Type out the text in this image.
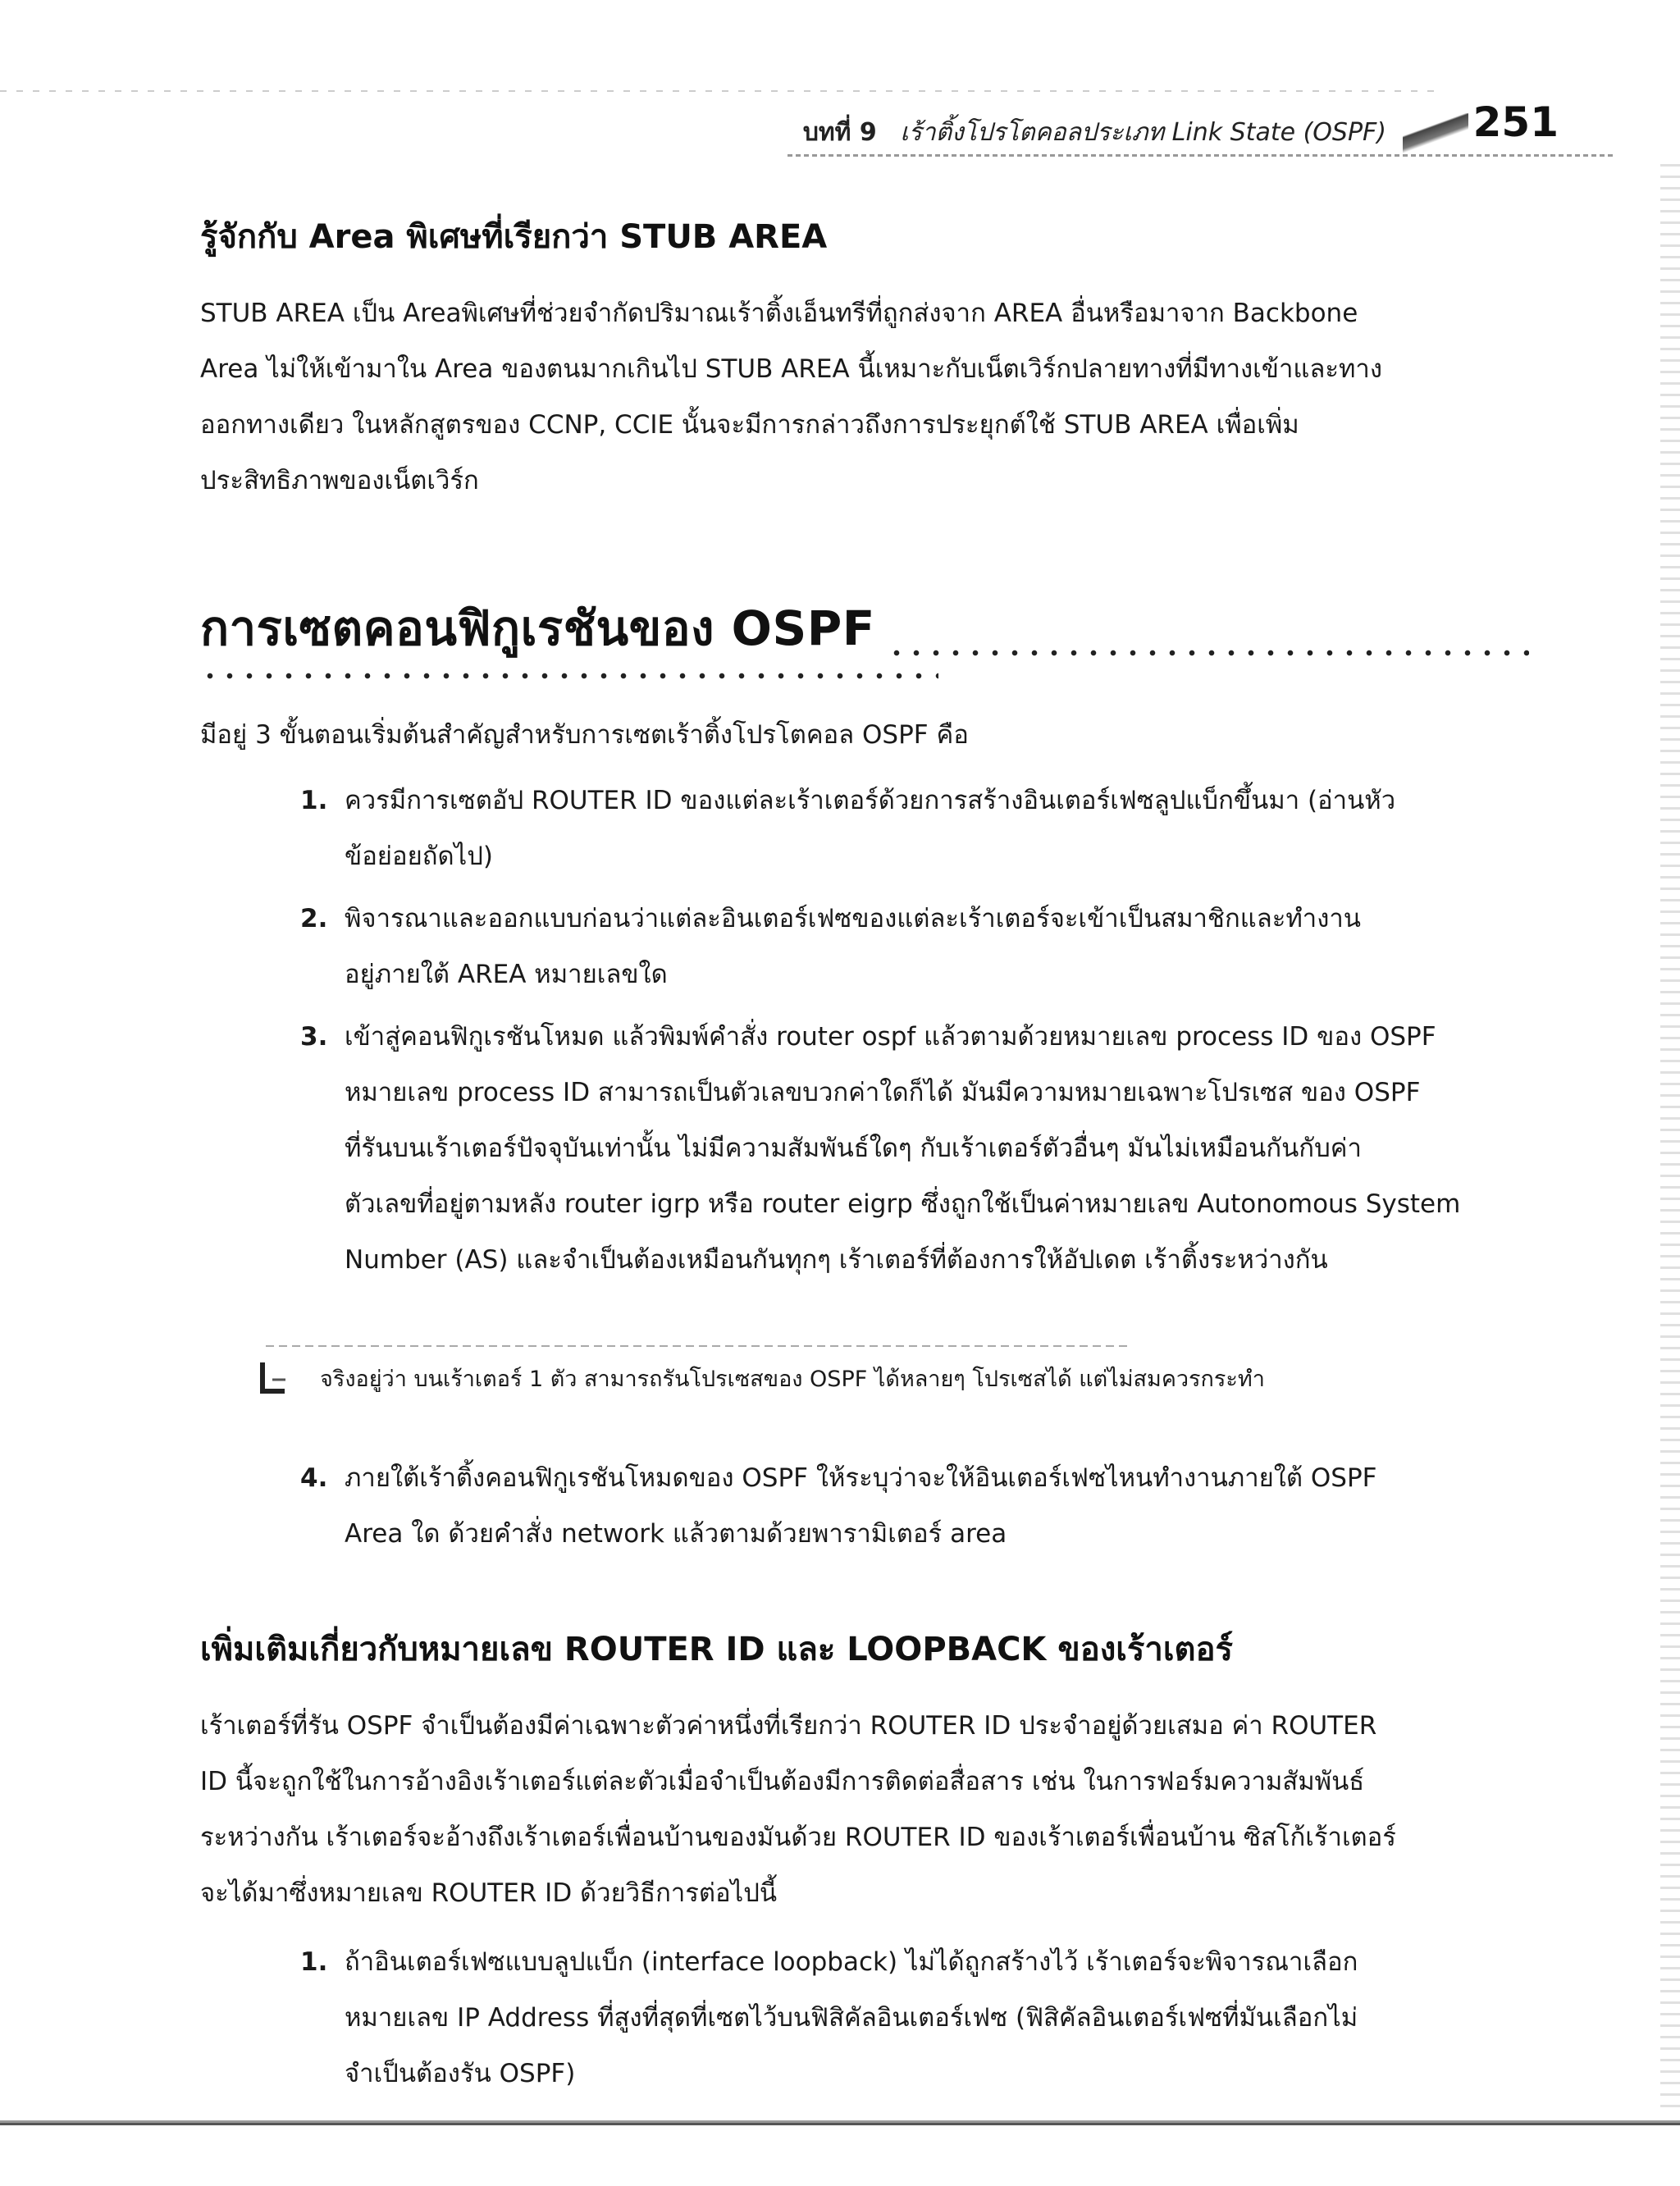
บทที่ 9 เร้าติ้งโปรโตคอลประเภท Link State (OSPF) 251
รู้จักกับ Area พิเศษที่เรียกว่า STUB AREA

STUB AREA เป็น Areaพิเศษที่ช่วยจำกัดปริมาณเร้าติ้งเอ็นทรีที่ถูกส่งจาก AREA อื่นหรือมาจาก Backbone

Area ไม่ให้เข้ามาใน Area ของตนมากเกินไป STUB AREA นี้เหมาะกับเน็ตเวิร์กปลายทางที่มีทางเข้าและทาง

ออกทางเดียว ในหลักสูตรของ CCNP, CCIE นั้นจะมีการกล่าวถึงการประยุกต์ใช้ STUB AREA เพื่อเพิ่ม

ประสิทธิภาพของเน็ตเวิร์ก

การเซตคอนฟิกูเรชันของ OSPF

มีอยู่ 3 ขั้นตอนเริ่มต้นสำคัญสำหรับการเซตเร้าติ้งโปรโตคอล OSPF คือ

1. ควรมีการเซตอัป ROUTER ID ของแต่ละเร้าเตอร์ด้วยการสร้างอินเตอร์เฟซลูปแบ็กขึ้นมา (อ่านหัว

ข้อย่อยถัดไป)

2. พิจารณาและออกแบบก่อนว่าแต่ละอินเตอร์เฟซของแต่ละเร้าเตอร์จะเข้าเป็นสมาชิกและทำงาน

อยู่ภายใต้ AREA หมายเลขใด

3. เข้าสู่คอนฟิกูเรชันโหมด แล้วพิมพ์คำสั่ง router ospf แล้วตามด้วยหมายเลข process ID ของ OSPF

หมายเลข process ID สามารถเป็นตัวเลขบวกค่าใดก็ได้ มันมีความหมายเฉพาะโปรเซส ของ OSPF

ที่รันบนเร้าเตอร์ปัจจุบันเท่านั้น ไม่มีความสัมพันธ์ใดๆ กับเร้าเตอร์ตัวอื่นๆ มันไม่เหมือนกันกับค่า

ตัวเลขที่อยู่ตามหลัง router igrp หรือ router eigrp ซึ่งถูกใช้เป็นค่าหมายเลข Autonomous System

Number (AS) และจำเป็นต้องเหมือนกันทุกๆ เร้าเตอร์ที่ต้องการให้อัปเดต เร้าติ้งระหว่างกัน

จริงอยู่ว่า บนเร้าเตอร์ 1 ตัว สามารถรันโปรเซสของ OSPF ได้หลายๆ โปรเซสได้ แต่ไม่สมควรกระทำ
4. ภายใต้เร้าติ้งคอนฟิกูเรชันโหมดของ OSPF ให้ระบุว่าจะให้อินเตอร์เฟซไหนทำงานภายใต้ OSPF

Area ใด ด้วยคำสั่ง network แล้วตามด้วยพารามิเตอร์ area

เพิ่มเติมเกี่ยวกับหมายเลข ROUTER ID และ LOOPBACK ของเร้าเตอร์

เร้าเตอร์ที่รัน OSPF จำเป็นต้องมีค่าเฉพาะตัวค่าหนึ่งที่เรียกว่า ROUTER ID ประจำอยู่ด้วยเสมอ ค่า ROUTER

ID นี้จะถูกใช้ในการอ้างอิงเร้าเตอร์แต่ละตัวเมื่อจำเป็นต้องมีการติดต่อสื่อสาร เช่น ในการฟอร์มความสัมพันธ์

ระหว่างกัน เร้าเตอร์จะอ้างถึงเร้าเตอร์เพื่อนบ้านของมันด้วย ROUTER ID ของเร้าเตอร์เพื่อนบ้าน ซิสโก้เร้าเตอร์

จะได้มาซึ่งหมายเลข ROUTER ID ด้วยวิธีการต่อไปนี้

1. ถ้าอินเตอร์เฟซแบบลูปแบ็ก (interface loopback) ไม่ได้ถูกสร้างไว้ เร้าเตอร์จะพิจารณาเลือก

หมายเลข IP Address ที่สูงที่สุดที่เซตไว้บนฟิสิคัลอินเตอร์เฟซ (ฟิสิคัลอินเตอร์เฟซที่มันเลือกไม่

จำเป็นต้องรัน OSPF)
